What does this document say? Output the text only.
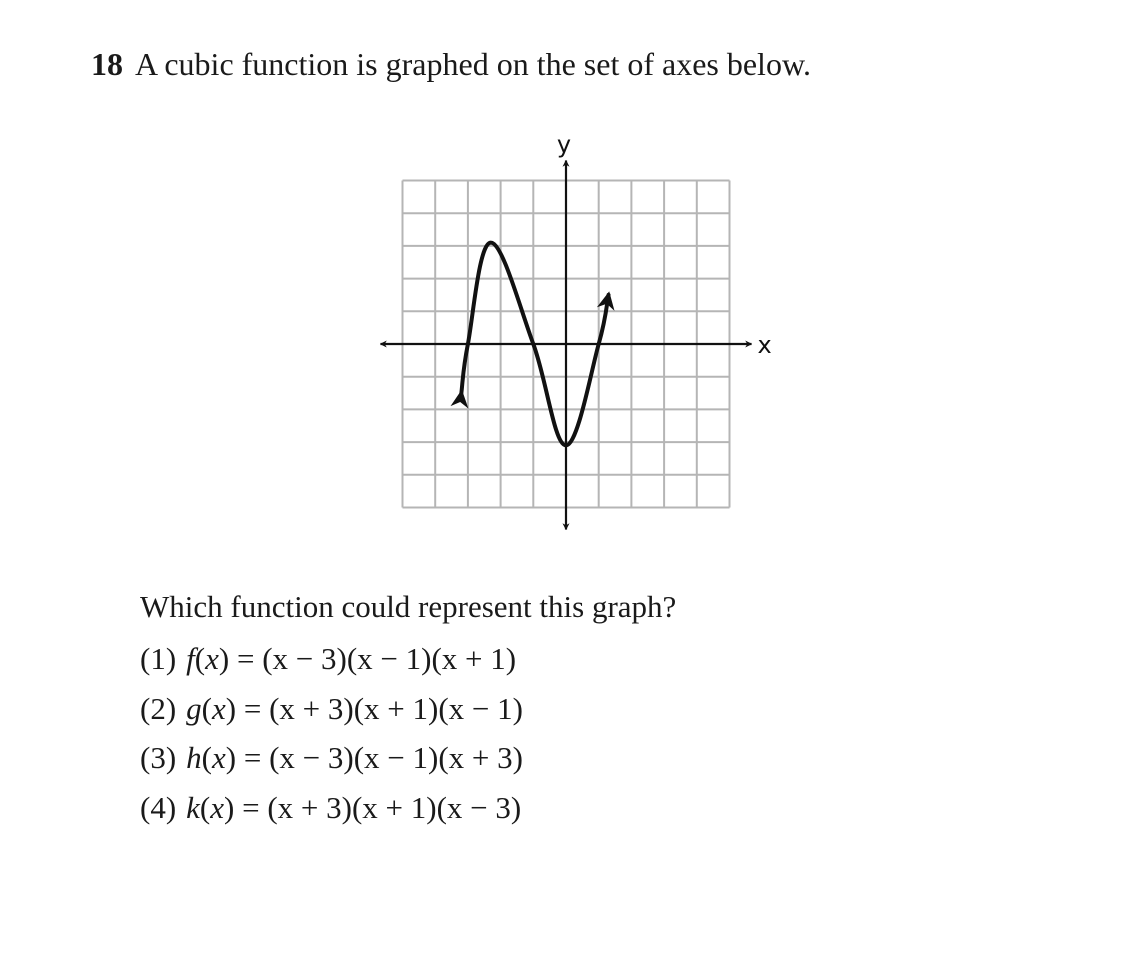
18 A cubic function is graphed on the set of axes below.
x
y
Which function could represent this graph?
(1) f(x) = (x − 3)(x − 1)(x + 1)
(2) g(x) = (x + 3)(x + 1)(x − 1)
(3) h(x) = (x − 3)(x − 1)(x + 3)
(4) k(x) = (x + 3)(x + 1)(x − 3)
